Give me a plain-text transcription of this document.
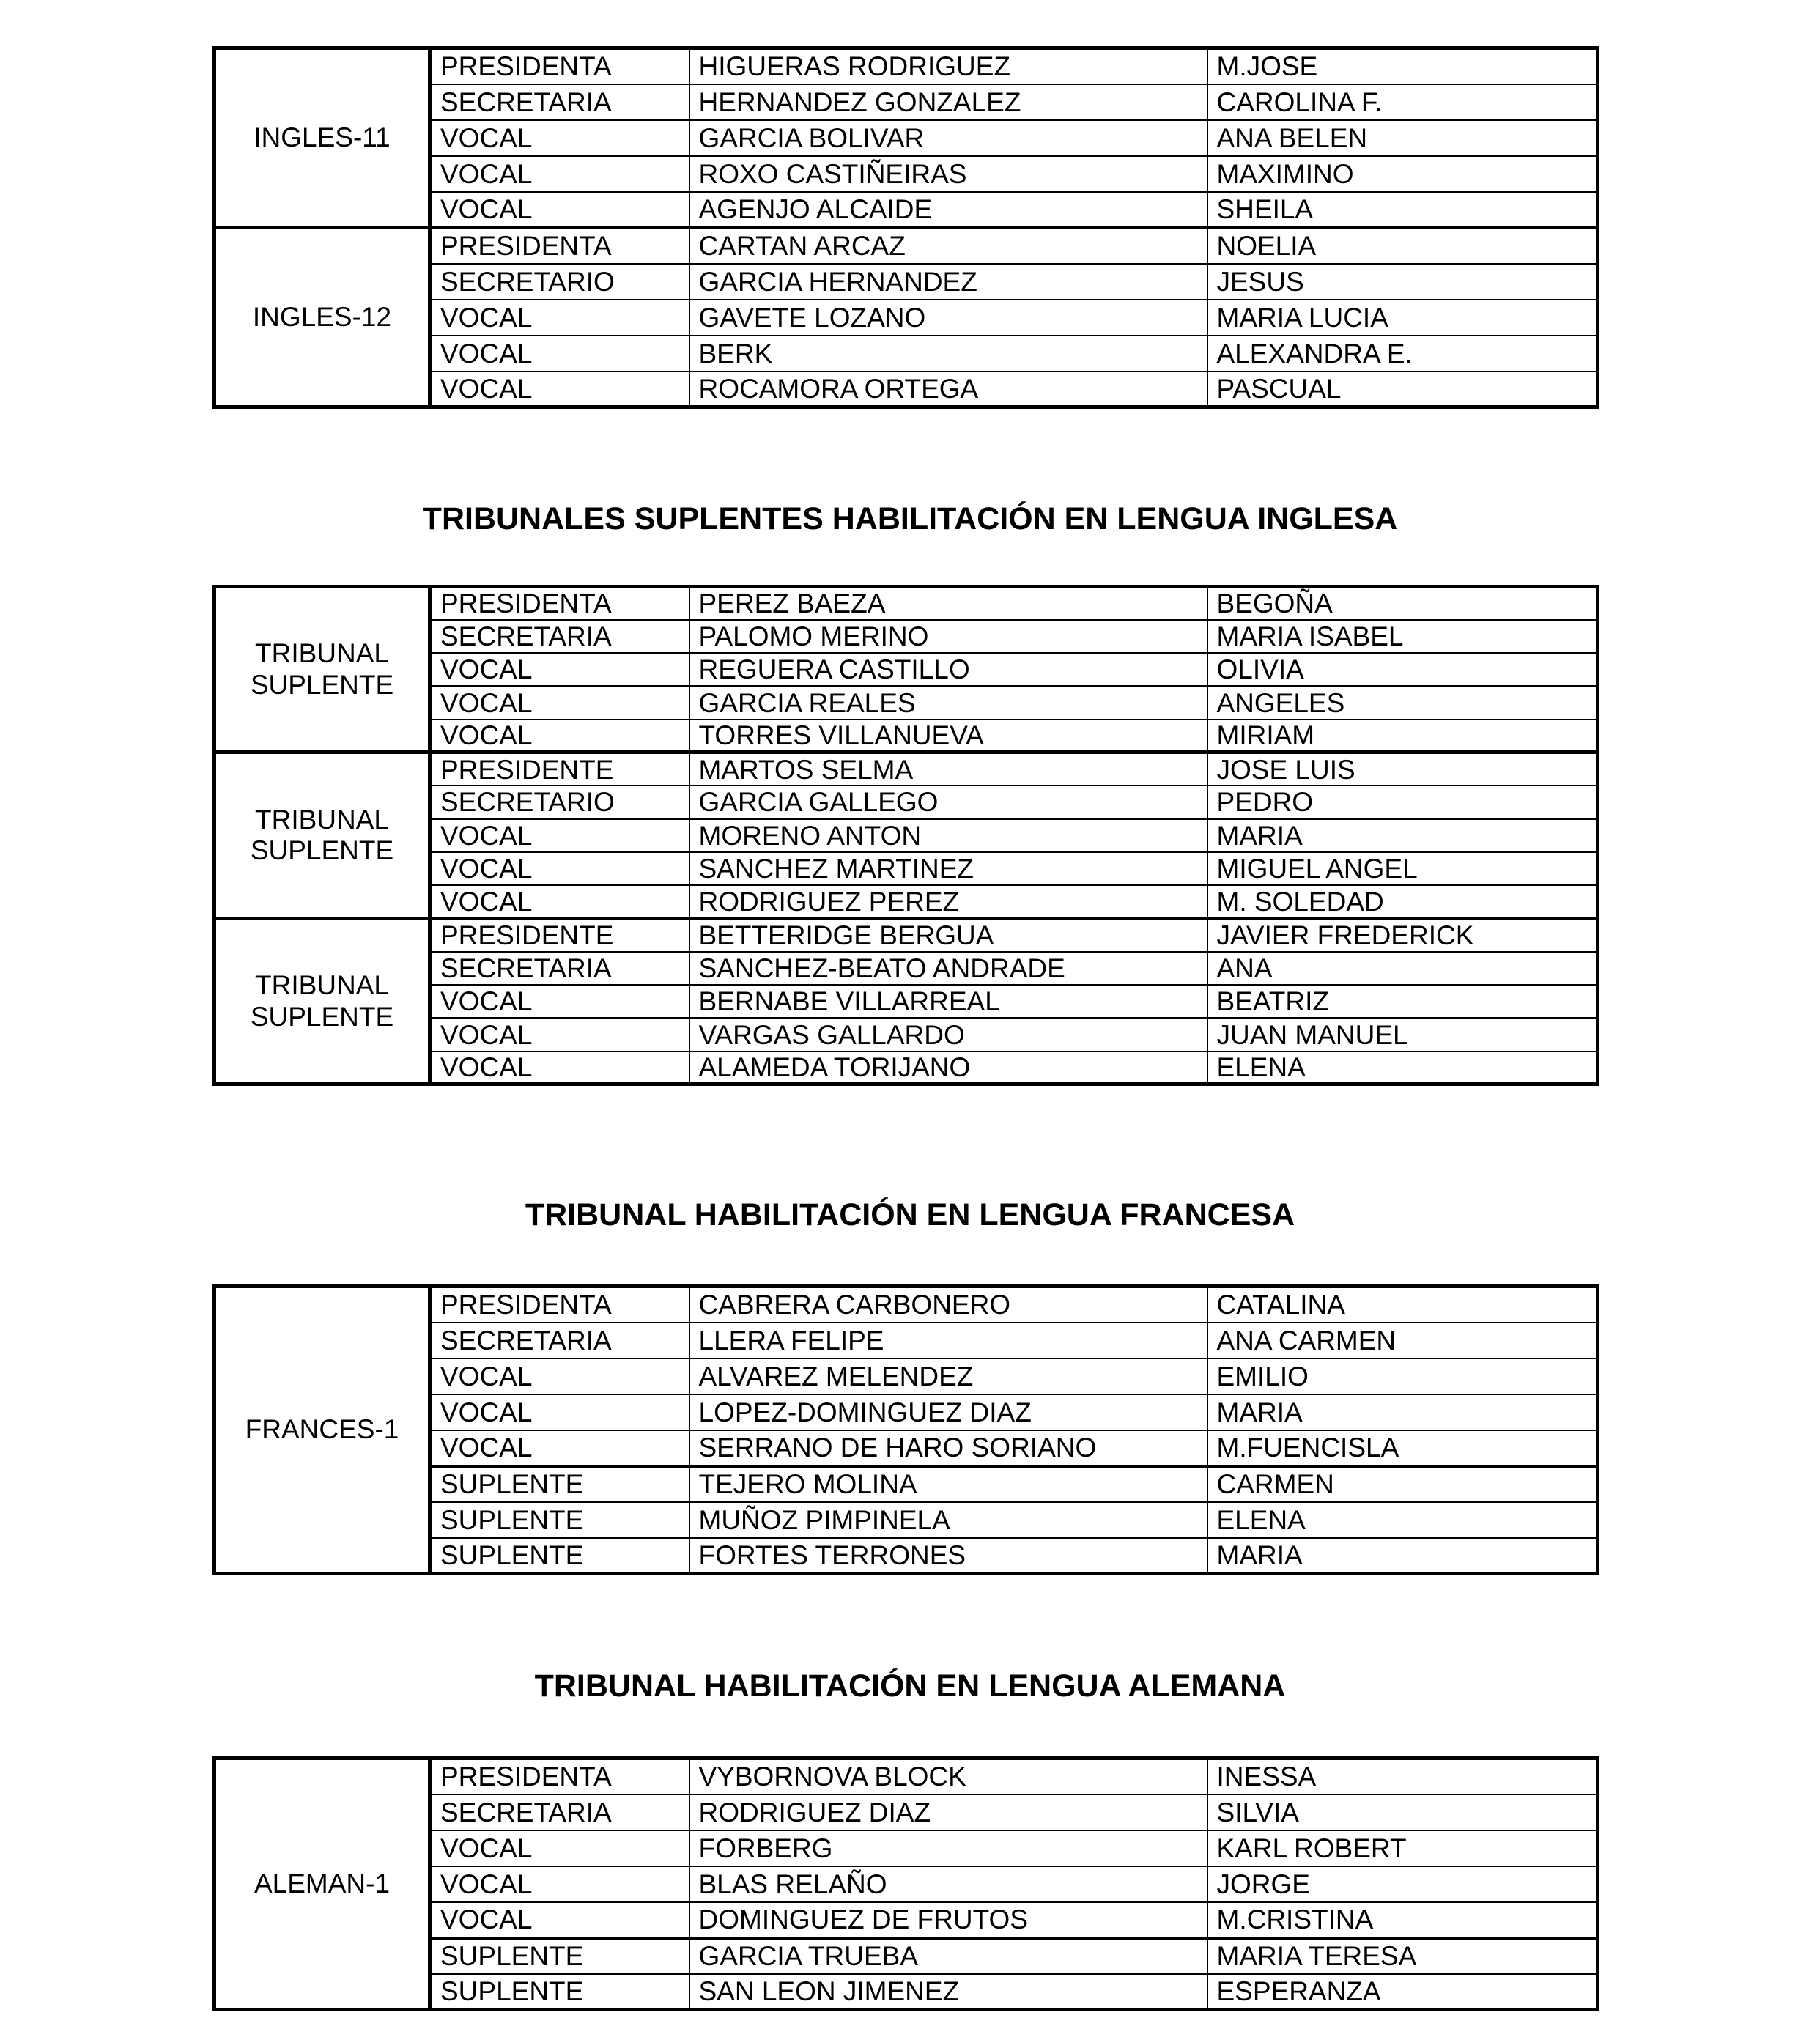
INGLES-11	PRESIDENTA	HIGUERAS RODRIGUEZ	M.JOSE
	SECRETARIA	HERNANDEZ GONZALEZ	CAROLINA F.
	VOCAL	GARCIA BOLIVAR	ANA BELEN
	VOCAL	ROXO CASTIÑEIRAS	MAXIMINO
	VOCAL	AGENJO ALCAIDE	SHEILA
INGLES-12	PRESIDENTA	CARTAN ARCAZ	NOELIA
	SECRETARIO	GARCIA HERNANDEZ	JESUS
	VOCAL	GAVETE LOZANO	MARIA LUCIA
	VOCAL	BERK	ALEXANDRA E.
	VOCAL	ROCAMORA ORTEGA	PASCUAL
TRIBUNALES SUPLENTES HABILITACIÓN EN LENGUA INGLESA
TRIBUNAL SUPLENTE	PRESIDENTA	PEREZ BAEZA	BEGOÑA
	SECRETARIA	PALOMO MERINO	MARIA ISABEL
	VOCAL	REGUERA CASTILLO	OLIVIA
	VOCAL	GARCIA REALES	ANGELES
	VOCAL	TORRES VILLANUEVA	MIRIAM
TRIBUNAL SUPLENTE	PRESIDENTE	MARTOS SELMA	JOSE LUIS
	SECRETARIO	GARCIA GALLEGO	PEDRO
	VOCAL	MORENO ANTON	MARIA
	VOCAL	SANCHEZ MARTINEZ	MIGUEL ANGEL
	VOCAL	RODRIGUEZ PEREZ	M. SOLEDAD
TRIBUNAL SUPLENTE	PRESIDENTE	BETTERIDGE BERGUA	JAVIER FREDERICK
	SECRETARIA	SANCHEZ-BEATO ANDRADE	ANA
	VOCAL	BERNABE VILLARREAL	BEATRIZ
	VOCAL	VARGAS GALLARDO	JUAN MANUEL
	VOCAL	ALAMEDA TORIJANO	ELENA
TRIBUNAL HABILITACIÓN EN LENGUA FRANCESA
FRANCES-1	PRESIDENTA	CABRERA CARBONERO	CATALINA
	SECRETARIA	LLERA FELIPE	ANA CARMEN
	VOCAL	ALVAREZ MELENDEZ	EMILIO
	VOCAL	LOPEZ-DOMINGUEZ DIAZ	MARIA
	VOCAL	SERRANO DE HARO SORIANO	M.FUENCISLA
	SUPLENTE	TEJERO MOLINA	CARMEN
	SUPLENTE	MUÑOZ PIMPINELA	ELENA
	SUPLENTE	FORTES TERRONES	MARIA
TRIBUNAL HABILITACIÓN EN LENGUA ALEMANA
ALEMAN-1	PRESIDENTA	VYBORNOVA BLOCK	INESSA
	SECRETARIA	RODRIGUEZ DIAZ	SILVIA
	VOCAL	FORBERG	KARL ROBERT
	VOCAL	BLAS RELAÑO	JORGE
	VOCAL	DOMINGUEZ DE FRUTOS	M.CRISTINA
	SUPLENTE	GARCIA TRUEBA	MARIA TERESA
	SUPLENTE	SAN LEON JIMENEZ	ESPERANZA
